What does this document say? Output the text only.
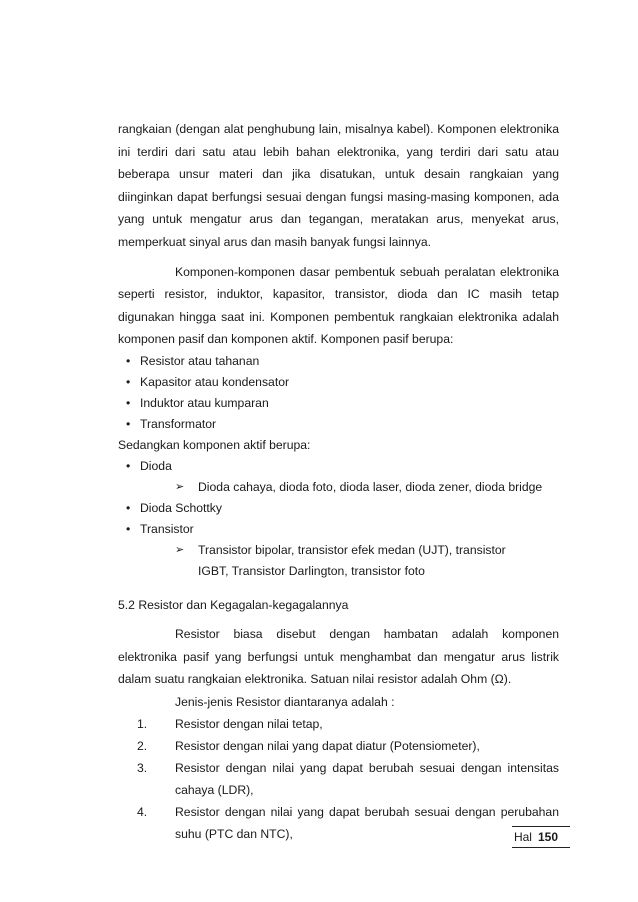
rangkaian (dengan alat penghubung lain, misalnya kabel). Komponen elektronika ini terdiri dari satu atau lebih bahan elektronika, yang terdiri dari satu atau beberapa unsur materi dan jika disatukan, untuk desain rangkaian yang diinginkan dapat berfungsi sesuai dengan fungsi masing-masing komponen, ada yang untuk mengatur arus dan tegangan, meratakan arus, menyekat arus, memperkuat sinyal arus dan masih banyak fungsi lainnya.

Komponen-komponen dasar pembentuk sebuah peralatan elektronika seperti resistor, induktor, kapasitor, transistor, dioda dan IC masih tetap digunakan hingga saat ini. Komponen pembentuk rangkaian elektronika adalah komponen pasif dan komponen aktif. Komponen pasif berupa:

• Resistor atau tahanan
• Kapasitor atau kondensator
• Induktor atau kumparan
• Transformator

Sedangkan komponen aktif berupa:

• Dioda
➢ Dioda cahaya, dioda foto, dioda laser, dioda zener, dioda bridge
• Dioda Schottky
• Transistor
➢ Transistor bipolar, transistor efek medan (UJT), transistor IGBT, Transistor Darlington, transistor foto

5.2 Resistor dan Kegagalan-kegagalannya

Resistor biasa disebut dengan hambatan adalah komponen elektronika pasif yang berfungsi untuk menghambat dan mengatur arus listrik dalam suatu rangkaian elektronika. Satuan nilai resistor adalah Ohm (Ω).

Jenis-jenis Resistor diantaranya adalah :

1. Resistor dengan nilai tetap,
2. Resistor dengan nilai yang dapat diatur (Potensiometer),
3. Resistor dengan nilai yang dapat berubah sesuai dengan intensitas cahaya (LDR),
4. Resistor dengan nilai yang dapat berubah sesuai dengan perubahan suhu (PTC dan NTC),	Hal 150
